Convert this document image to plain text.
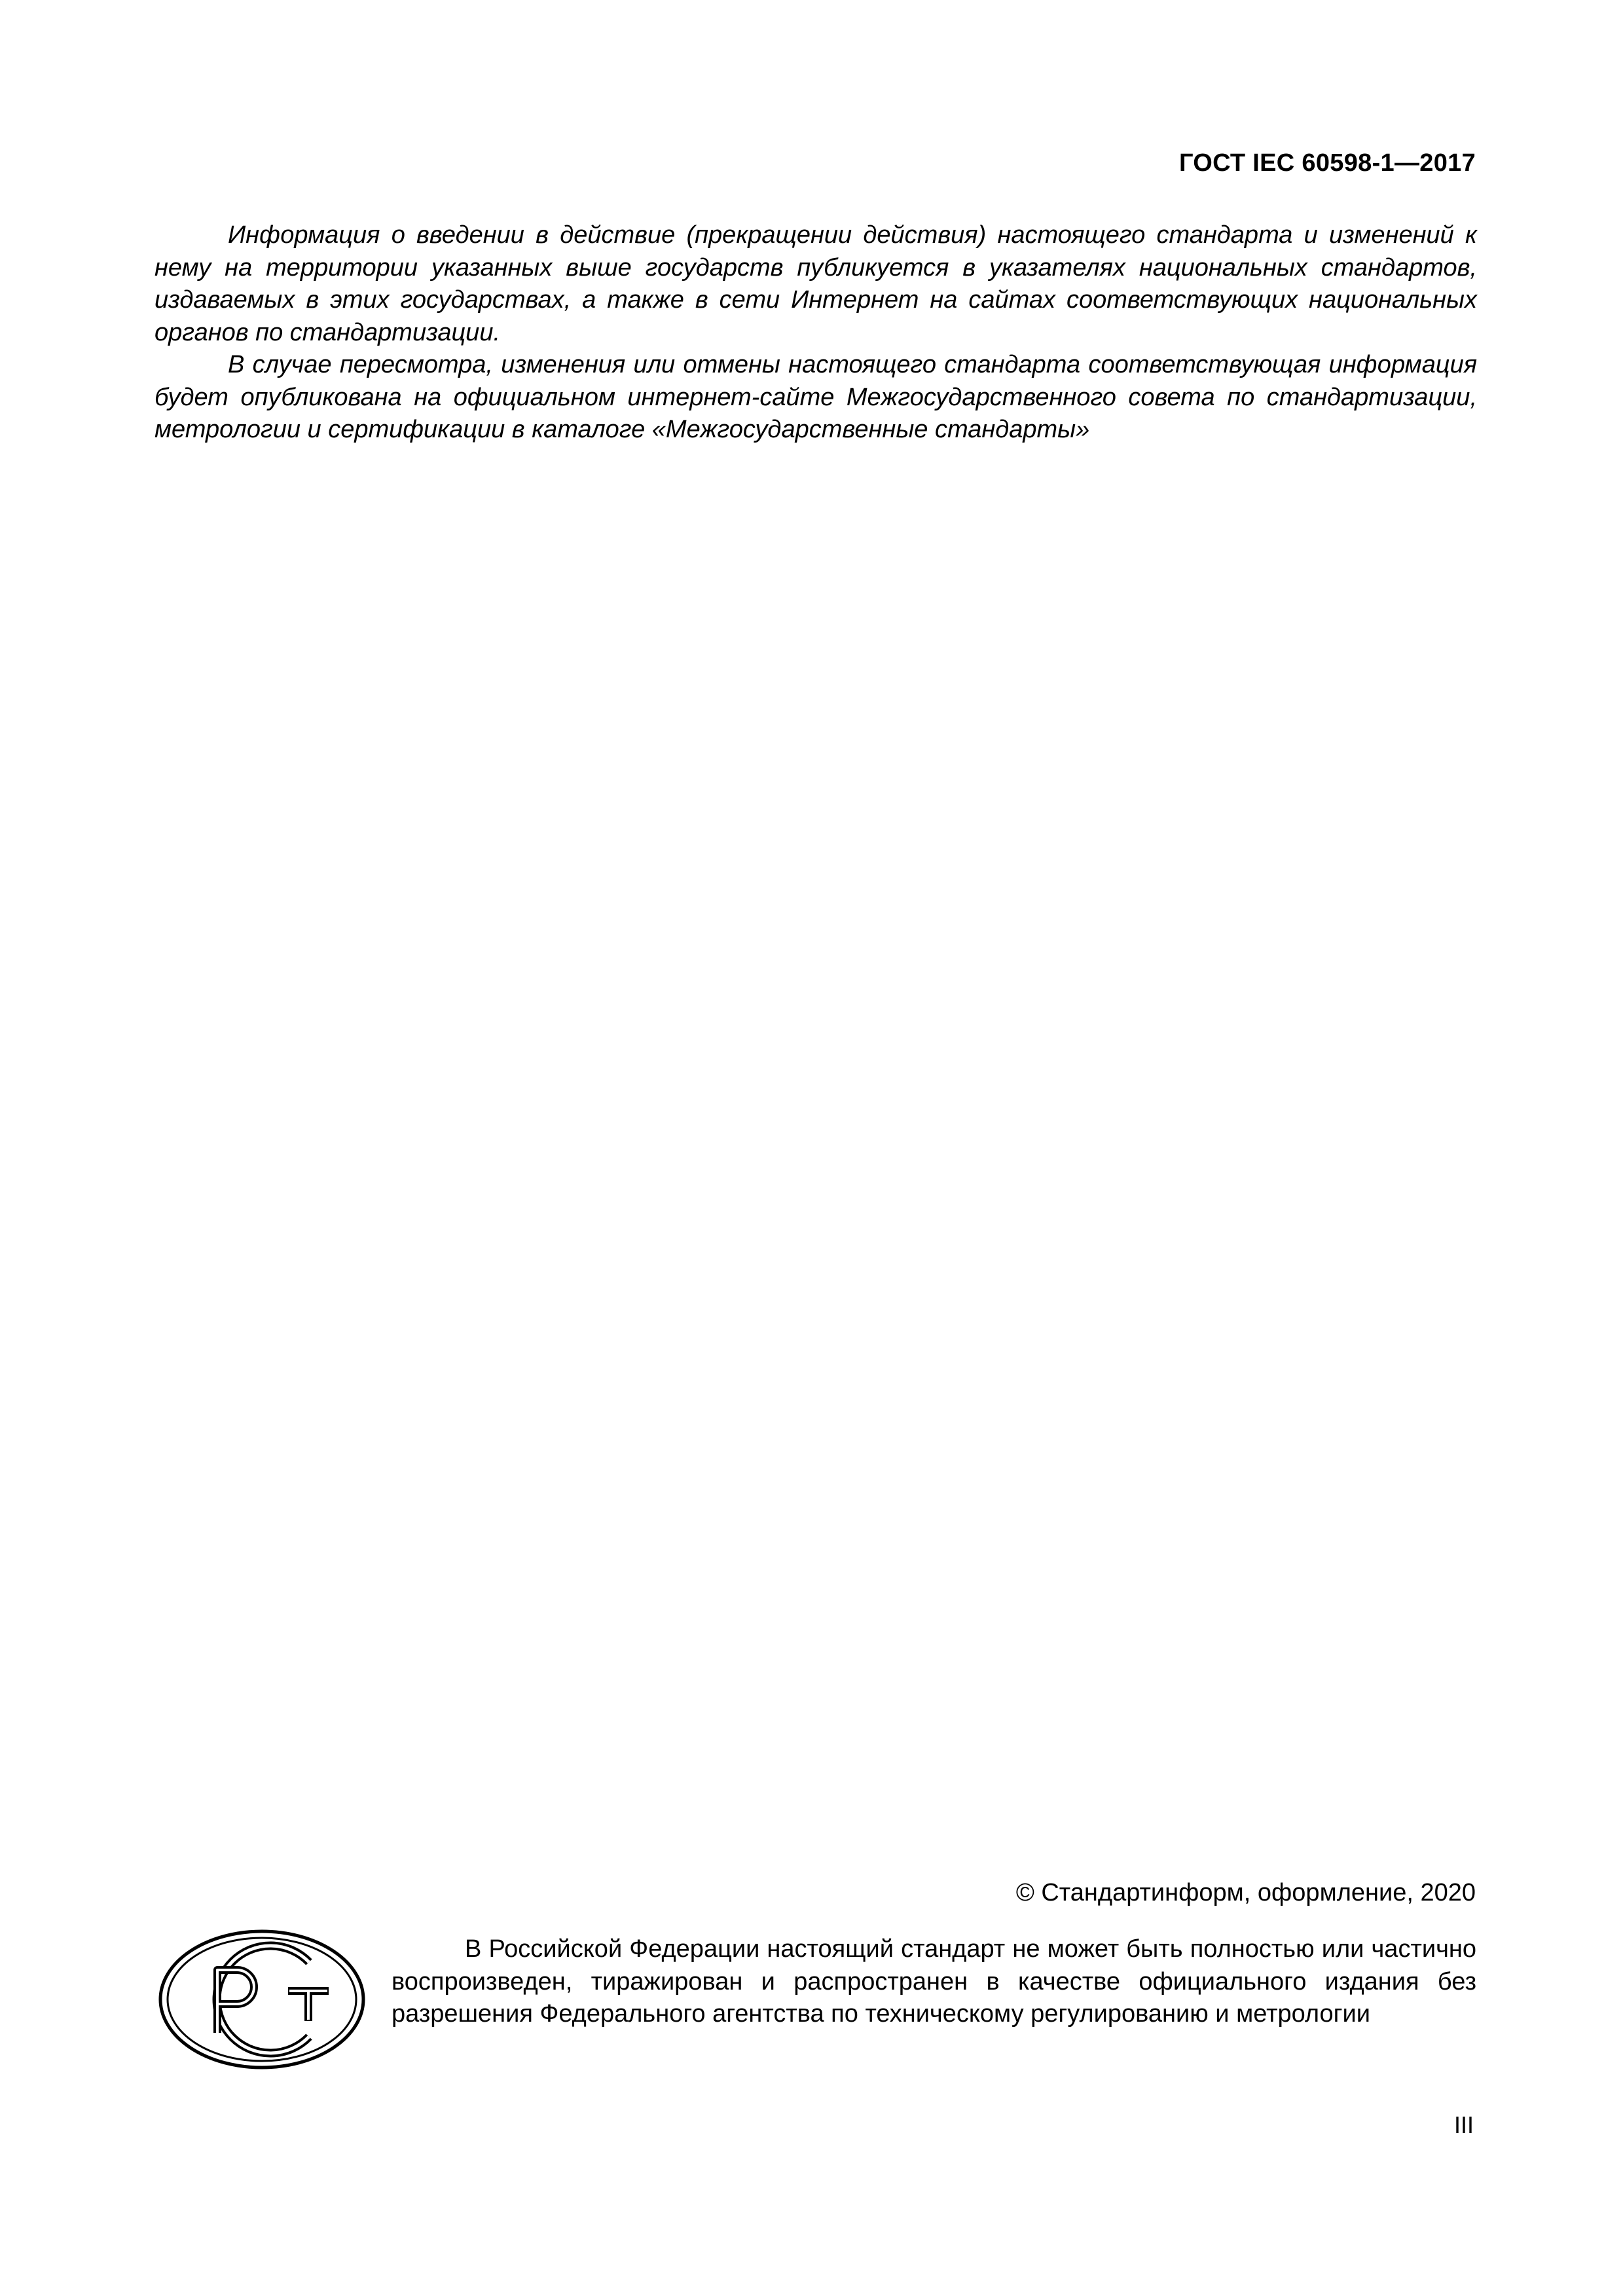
ГОСТ IEC 60598-1—2017

Информация о введении в действие (прекращении действия) настоящего стандарта и изменений к нему на территории указанных выше государств публикуется в указателях национальных стандартов, издаваемых в этих государствах, а также в сети Интернет на сайтах соответствующих национальных органов по стандартизации.

В случае пересмотра, изменения или отмены настоящего стандарта соответствующая информация будет опубликована на официальном интернет-сайте Межгосударственного совета по стандартизации, метрологии и сертификации в каталоге «Межгосударственные стандарты»

© Стандартинформ, оформление, 2020

В Российской Федерации настоящий стандарт не может быть полностью или частично воспроизведен, тиражирован и распространен в качестве официального издания без разрешения Федерального агентства по техническому регулированию и метрологии

III
